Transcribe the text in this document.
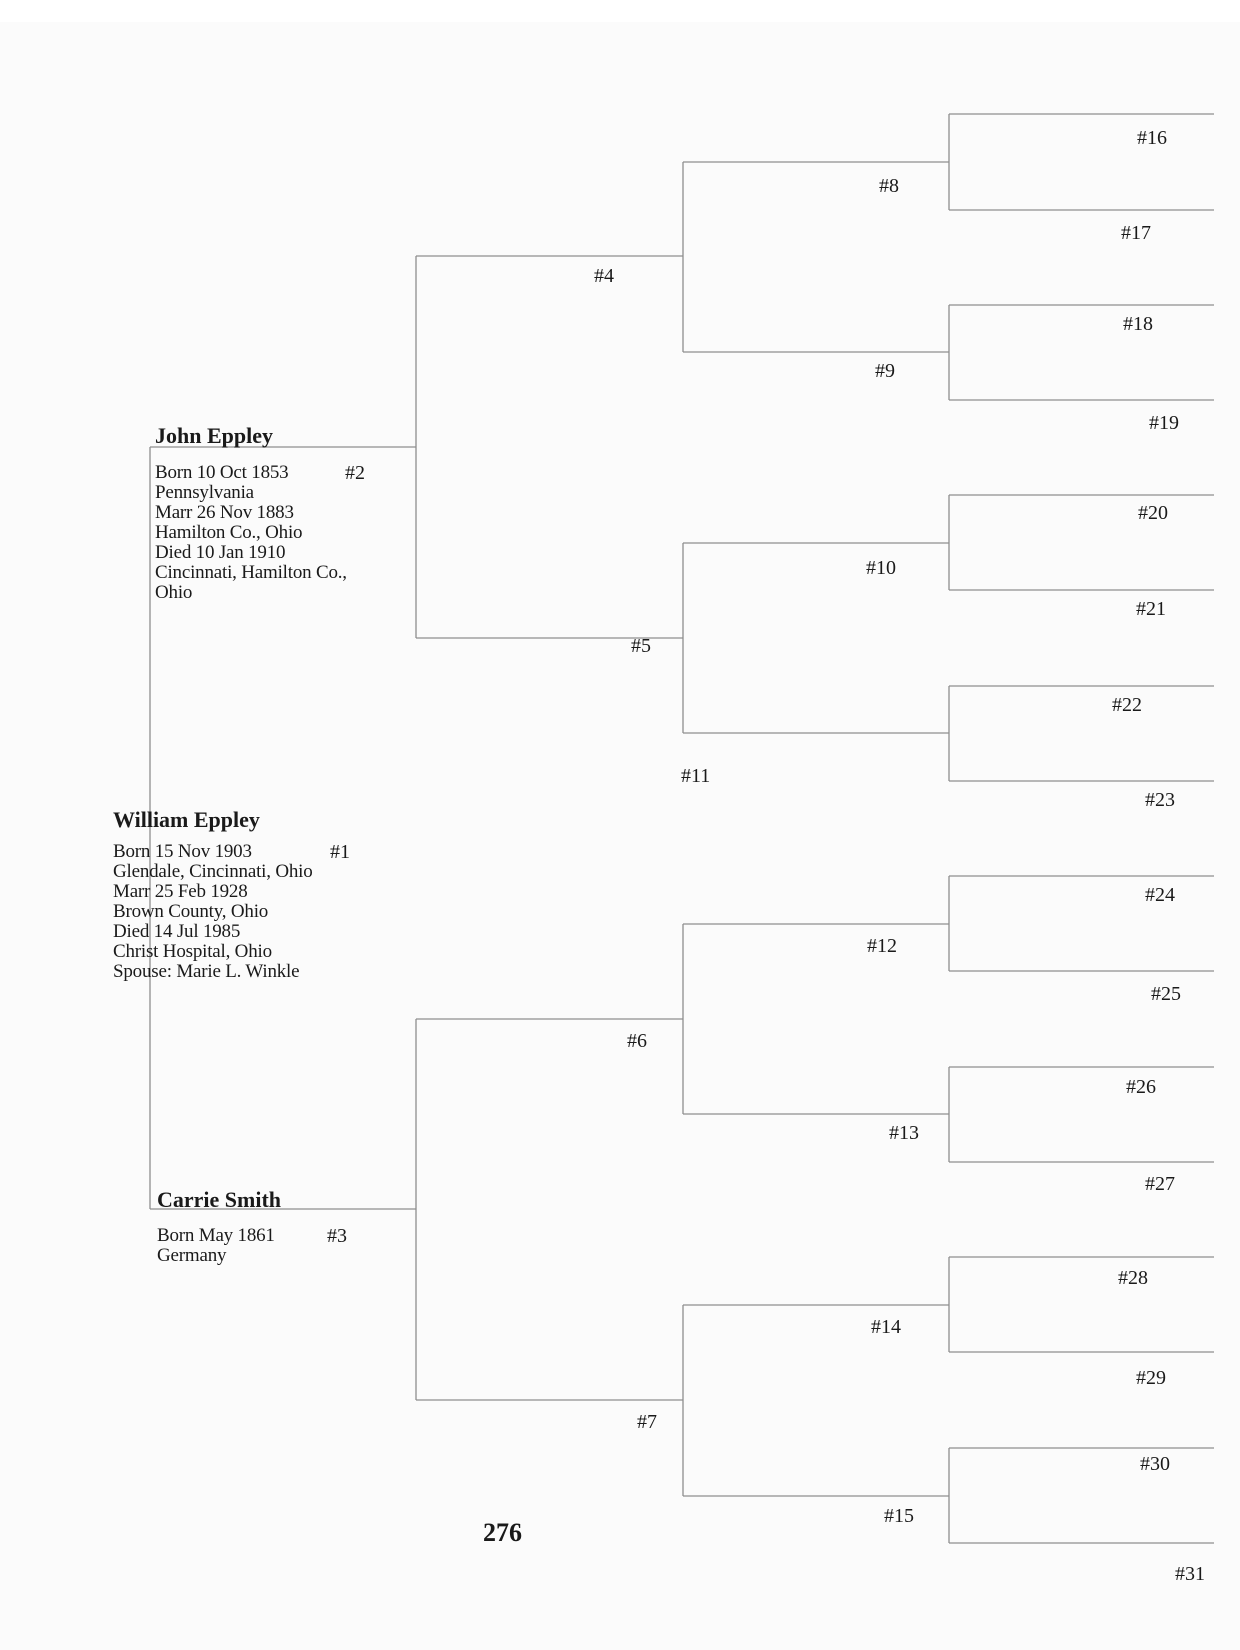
John Eppley
Born 10 Oct 1853
Pennsylvania
Marr 26 Nov 1883
Hamilton Co., Ohio
Died 10 Jan 1910
Cincinnati, Hamilton Co.,
Ohio
#2
William Eppley
Born 15 Nov 1903
Glendale, Cincinnati, Ohio
Marr 25 Feb 1928
Brown County, Ohio
Died 14 Jul 1985
Christ Hospital, Ohio
Spouse: Marie L. Winkle
#1
Carrie Smith
Born May 1861
Germany
#3
#4
#5
#6
#7
#8
#9
#10
#11
#12
#13
#14
#15
#16
#17
#18
#19
#20
#21
#22
#23
#24
#25
#26
#27
#28
#29
#30
#31
276
